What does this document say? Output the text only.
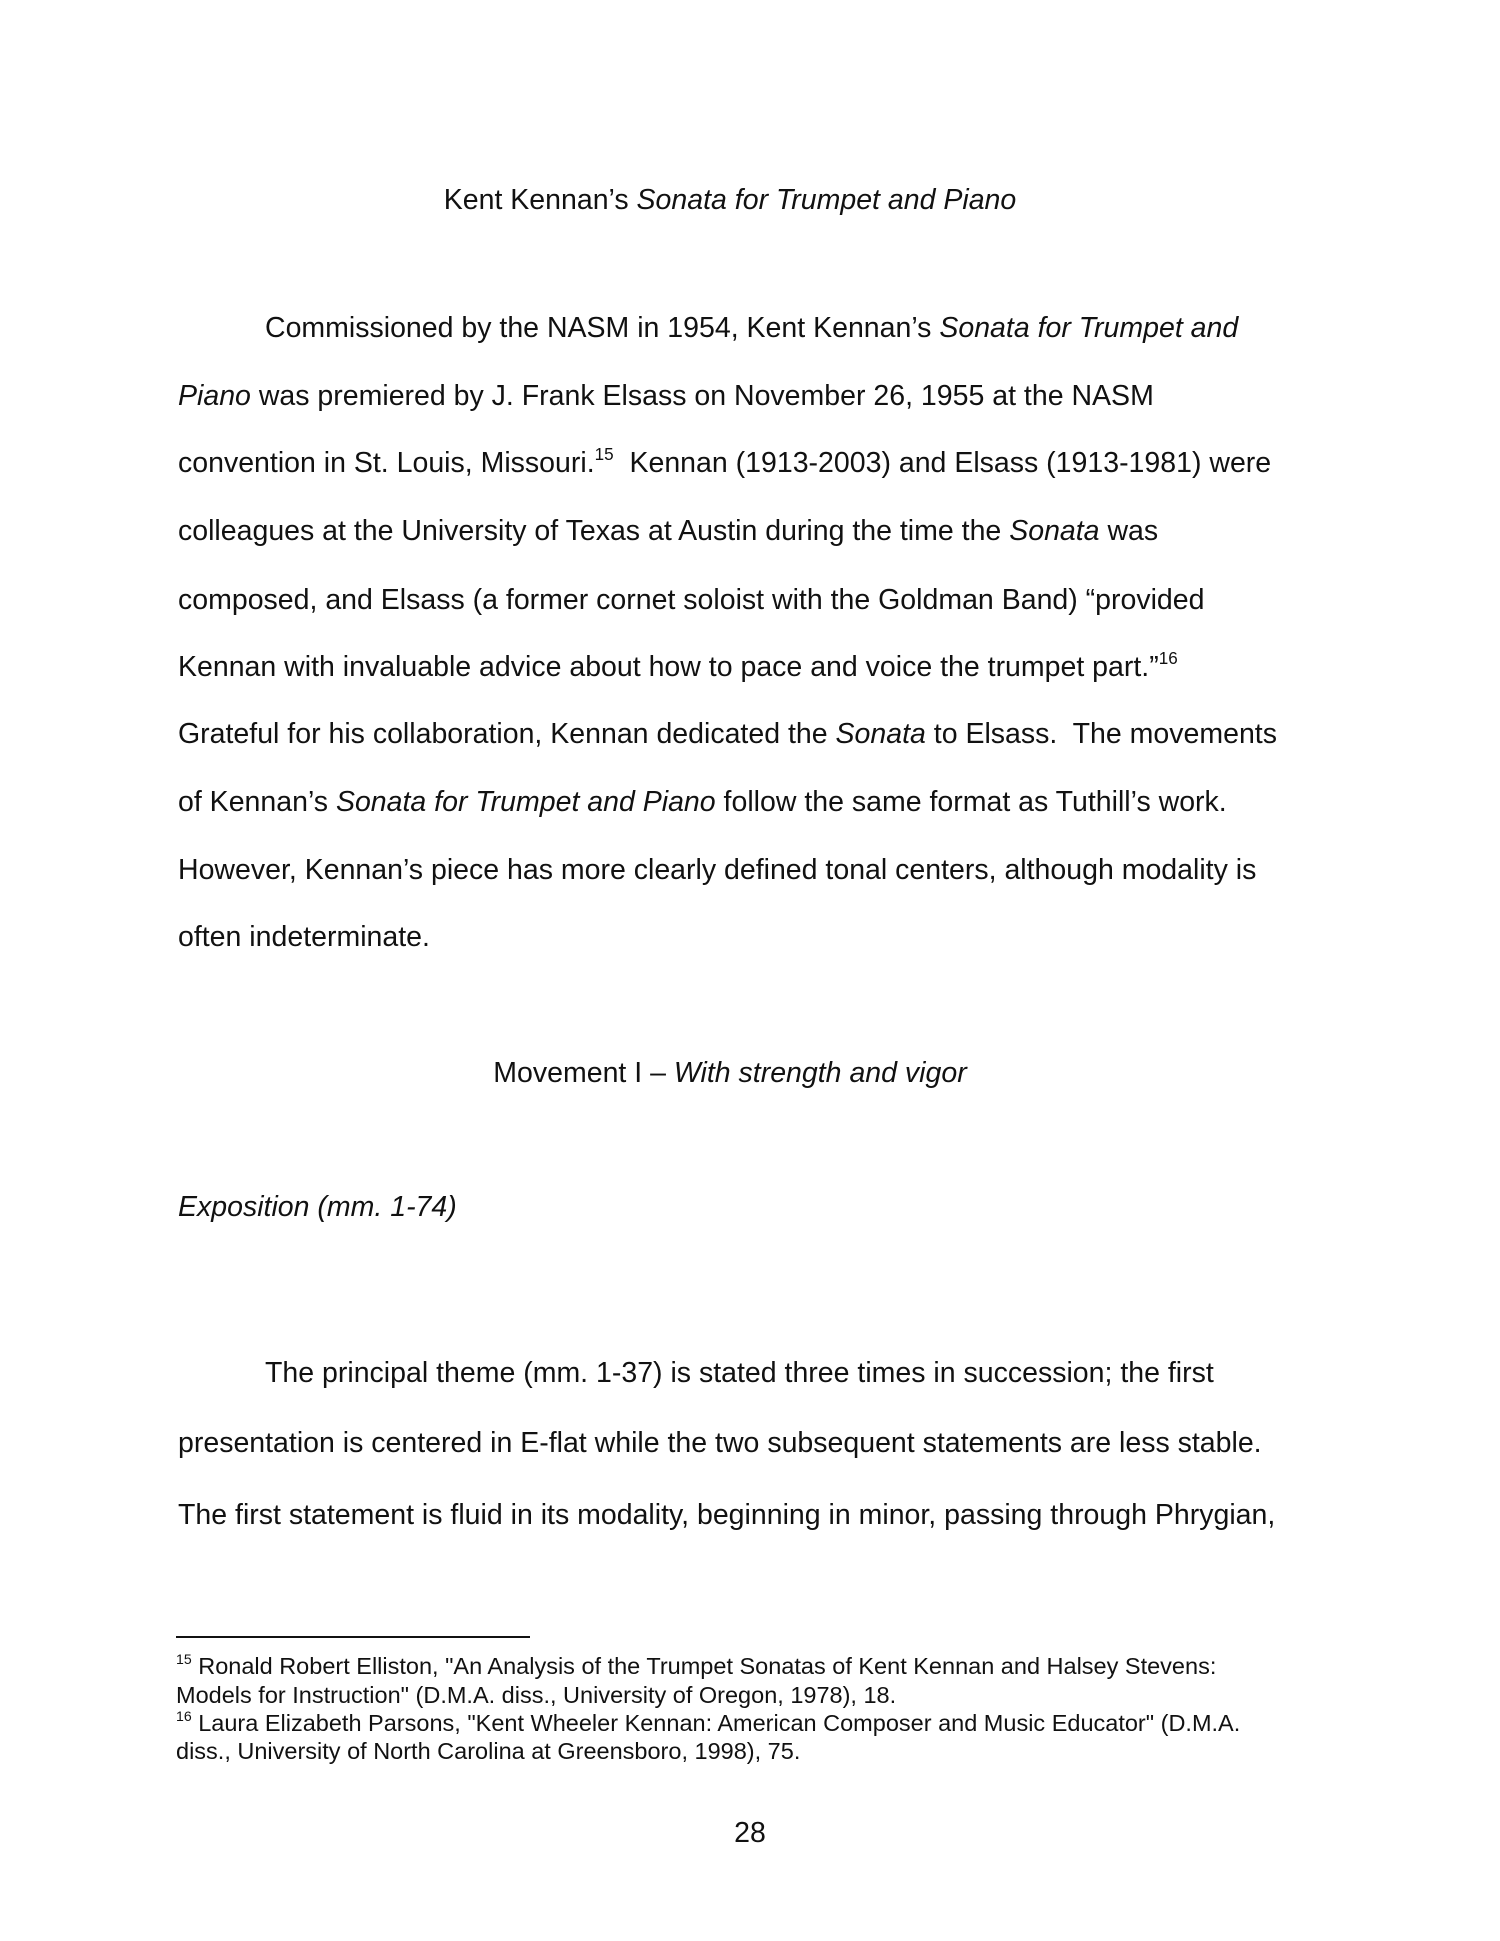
Kent Kennan’s Sonata for Trumpet and Piano
Commissioned by the NASM in 1954, Kent Kennan’s Sonata for Trumpet and
Piano was premiered by J. Frank Elsass on November 26, 1955 at the NASM
convention in St. Louis, Missouri.$^{15}$  Kennan (1913-2003) and Elsass (1913-1981) were
colleagues at the University of Texas at Austin during the time the Sonata was
composed, and Elsass (a former cornet soloist with the Goldman Band) “provided
Kennan with invaluable advice about how to pace and voice the trumpet part.”$^{16}$
Grateful for his collaboration, Kennan dedicated the Sonata to Elsass.  The movements
of Kennan’s Sonata for Trumpet and Piano follow the same format as Tuthill’s work.
However, Kennan’s piece has more clearly defined tonal centers, although modality is
often indeterminate.
Movement I – With strength and vigor
Exposition (mm. 1-74)
The principal theme (mm. 1-37) is stated three times in succession; the first
presentation is centered in E-flat while the two subsequent statements are less stable.
The first statement is fluid in its modality, beginning in minor, passing through Phrygian,
$^{15}$ Ronald Robert Elliston, "An Analysis of the Trumpet Sonatas of Kent Kennan and Halsey Stevens:
Models for Instruction" (D.M.A. diss., University of Oregon, 1978), 18.
$^{16}$ Laura Elizabeth Parsons, "Kent Wheeler Kennan: American Composer and Music Educator" (D.M.A.
diss., University of North Carolina at Greensboro, 1998), 75.
28
